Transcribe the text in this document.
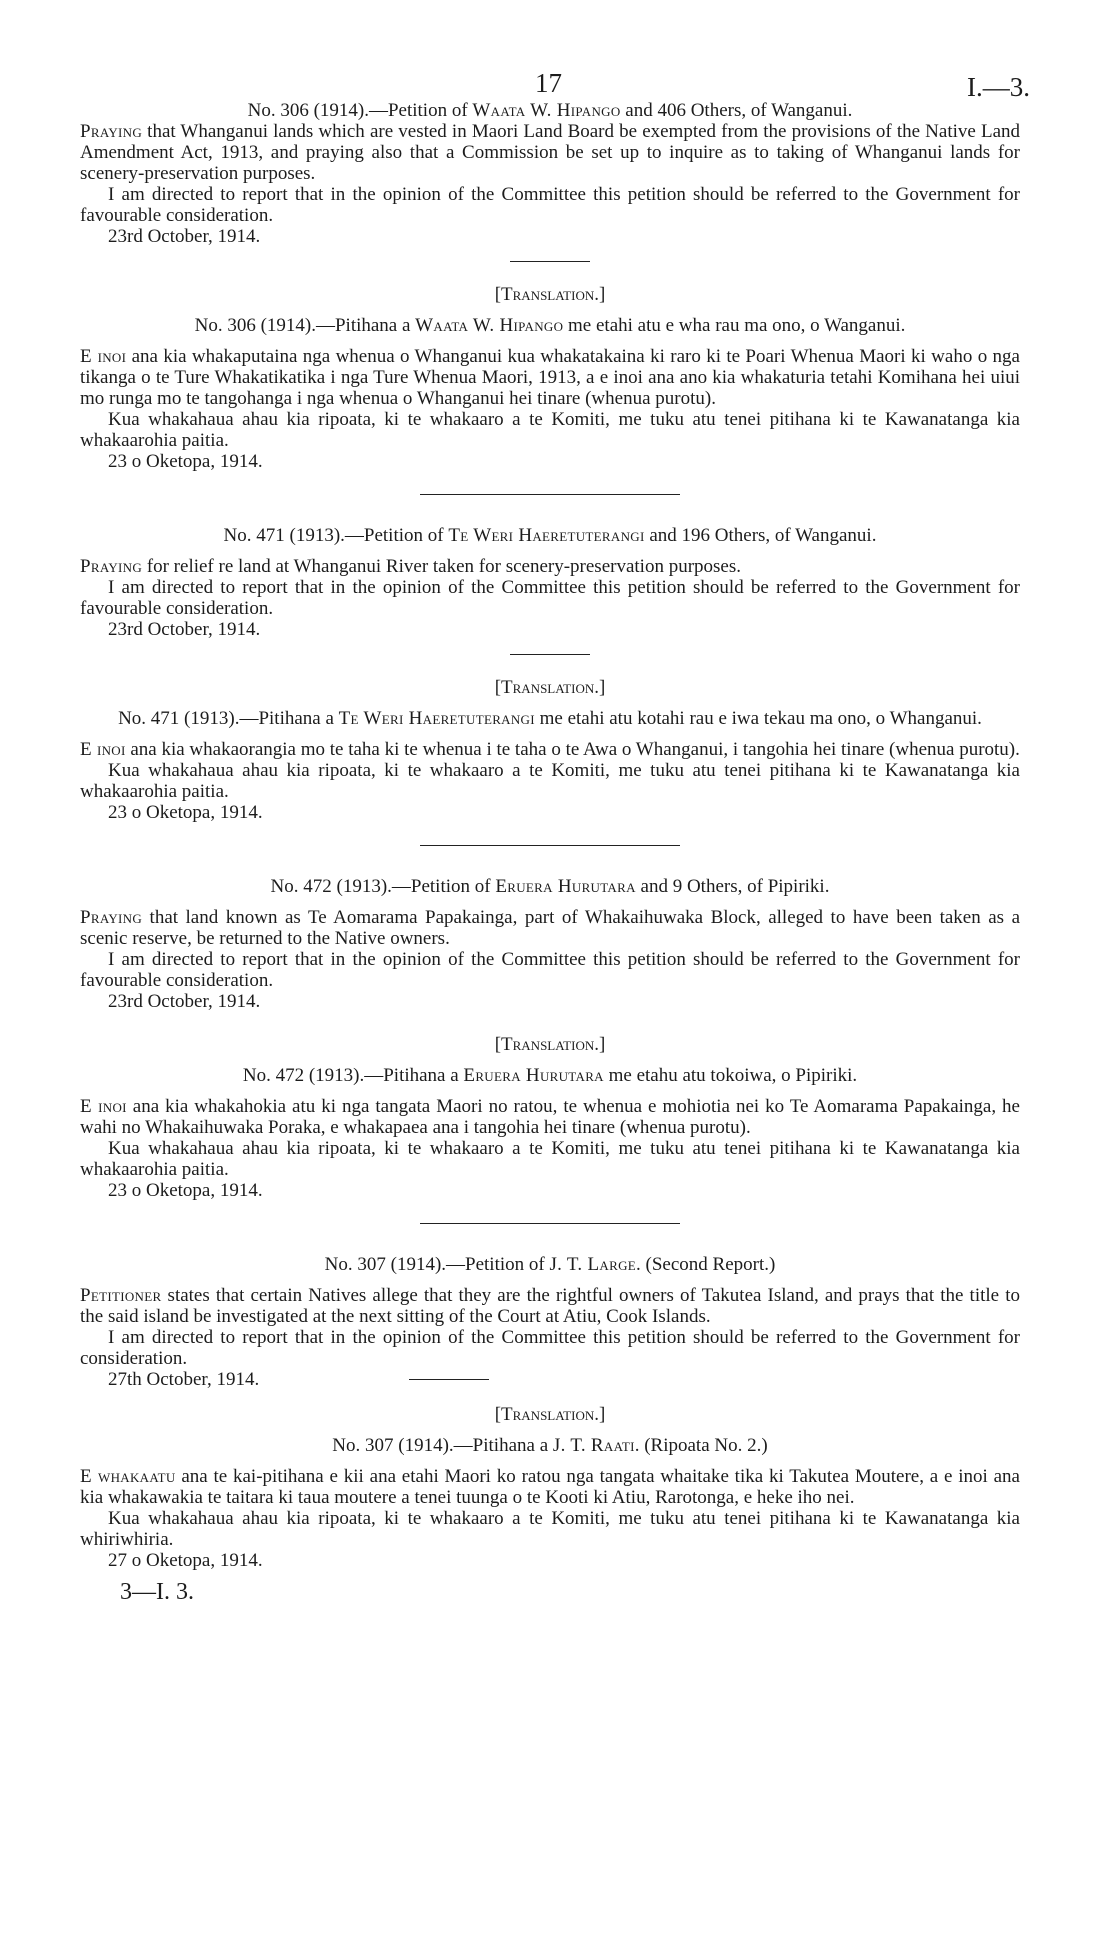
17	I.—3.

No. 306 (1914).—Petition of Waata W. Hipango and 406 Others, of Wanganui.

Praying that Whanganui lands which are vested in Maori Land Board be exempted from the provisions of the Native Land Amendment Act, 1913, and praying also that a Commission be set up to inquire as to taking of Whanganui lands for scenery-preservation purposes.

I am directed to report that in the opinion of the Committee this petition should be referred to the Government for favourable consideration.

23rd October, 1914.

[Translation.]

No. 306 (1914).—Pitihana a Waata W. Hipango me etahi atu e wha rau ma ono, o Wanganui.

E inoi ana kia whakaputaina nga whenua o Whanganui kua whakatakaina ki raro ki te Poari Whenua Maori ki waho o nga tikanga o te Ture Whakatikatika i nga Ture Whenua Maori, 1913, a e inoi ana ano kia whakaturia tetahi Komihana hei uiui mo runga mo te tangohanga i nga whenua o Whanganui hei tinare (whenua purotu).

Kua whakahaua ahau kia ripoata, ki te whakaaro a te Komiti, me tuku atu tenei pitihana ki te Kawanatanga kia whakaarohia paitia.

23 o Oketopa, 1914.

No. 471 (1913).—Petition of Te Weri Haeretuterangi and 196 Others, of Wanganui.

Praying for relief re land at Whanganui River taken for scenery-preservation purposes.

I am directed to report that in the opinion of the Committee this petition should be referred to the Government for favourable consideration.

23rd October, 1914.

[Translation.]

No. 471 (1913).—Pitihana a Te Weri Haeretuterangi me etahi atu kotahi rau e iwa tekau ma ono, o Whanganui.

E inoi ana kia whakaorangia mo te taha ki te whenua i te taha o te Awa o Whanganui, i tangohia hei tinare (whenua purotu).

Kua whakahaua ahau kia ripoata, ki te whakaaro a te Komiti, me tuku atu tenei pitihana ki te Kawanatanga kia whakaarohia paitia.

23 o Oketopa, 1914.

No. 472 (1913).—Petition of Eruera Hurutara and 9 Others, of Pipiriki.

Praying that land known as Te Aomarama Papakainga, part of Whakaihuwaka Block, alleged to have been taken as a scenic reserve, be returned to the Native owners.

I am directed to report that in the opinion of the Committee this petition should be referred to the Government for favourable consideration.

23rd October, 1914.

[Translation.]

No. 472 (1913).—Pitihana a Eruera Hurutara me etahu atu tokoiwa, o Pipiriki.

E inoi ana kia whakahokia atu ki nga tangata Maori no ratou, te whenua e mohiotia nei ko Te Aomarama Papakainga, he wahi no Whakaihuwaka Poraka, e whakapaea ana i tangohia hei tinare (whenua purotu).

Kua whakahaua ahau kia ripoata, ki te whakaaro a te Komiti, me tuku atu tenei pitihana ki te Kawanatanga kia whakaarohia paitia.

23 o Oketopa, 1914.

No. 307 (1914).—Petition of J. T. Large. (Second Report.)

Petitioner states that certain Natives allege that they are the rightful owners of Takutea Island, and prays that the title to the said island be investigated at the next sitting of the Court at Atiu, Cook Islands.

I am directed to report that in the opinion of the Committee this petition should be referred to the Government for consideration.

27th October, 1914.

[Translation.]

No. 307 (1914).—Pitihana a J. T. Raati. (Ripoata No. 2.)

E whakaatu ana te kai-pitihana e kii ana etahi Maori ko ratou nga tangata whaitake tika ki Takutea Moutere, a e inoi ana kia whakawakia te taitara ki taua moutere a tenei tuunga o te Kooti ki Atiu, Rarotonga, e heke iho nei.

Kua whakahaua ahau kia ripoata, ki te whakaaro a te Komiti, me tuku atu tenei pitihana ki te Kawanatanga kia whiriwhiria.

27 o Oketopa, 1914.

3—I. 3.
